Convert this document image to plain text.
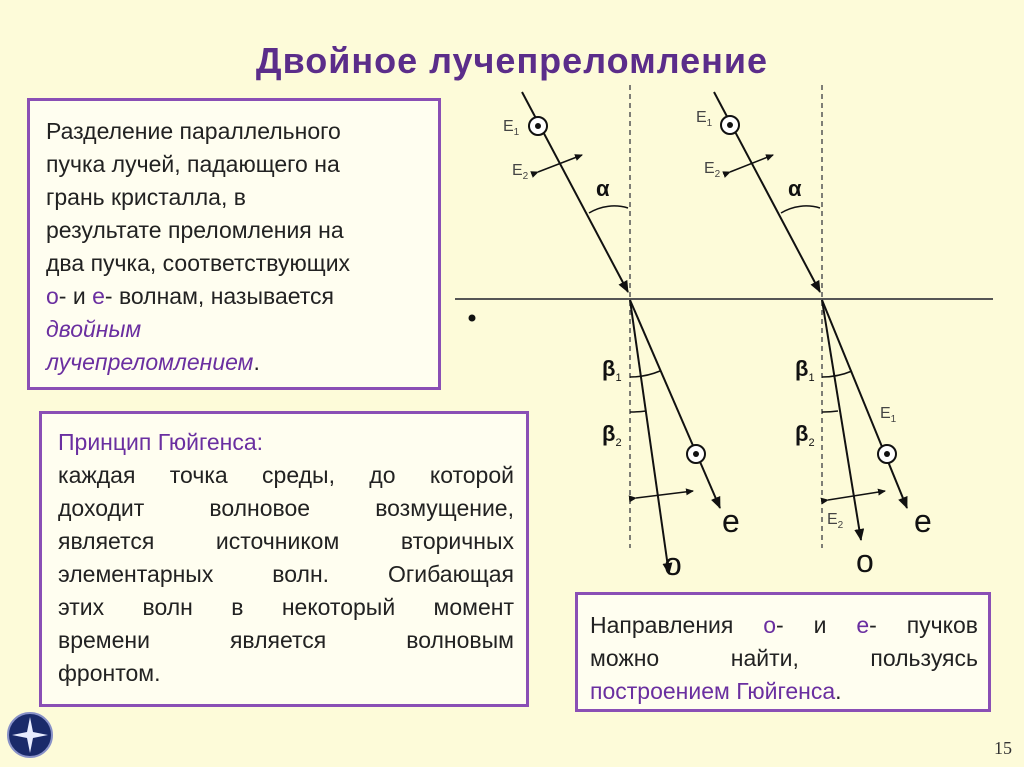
Двойное лучепреломление
Разделение параллельного
пучка лучей, падающего на
грань кристалла, в
результате преломления на
два пучка, соответствующих
о- и е- волнам, называется
двойным
лучепреломлением.
Принцип Гюйгенса:
каждая точка среды, до которой
доходит волновое возмущение,
является источником вторичных
элементарных волн. Огибающая
этих волн в некоторый момент
времени является волновым
фронтом.
Направления о- и е- пучков
можно найти, пользуясь
построением Гюйгенса.
$E_1$
$E_2$
$E_1$
$E_2$
$E_1$
$E_2$
α	α
$\beta_1$
$\beta_2$
$\beta_1$
$\beta_2$
o
e
o
e
15
